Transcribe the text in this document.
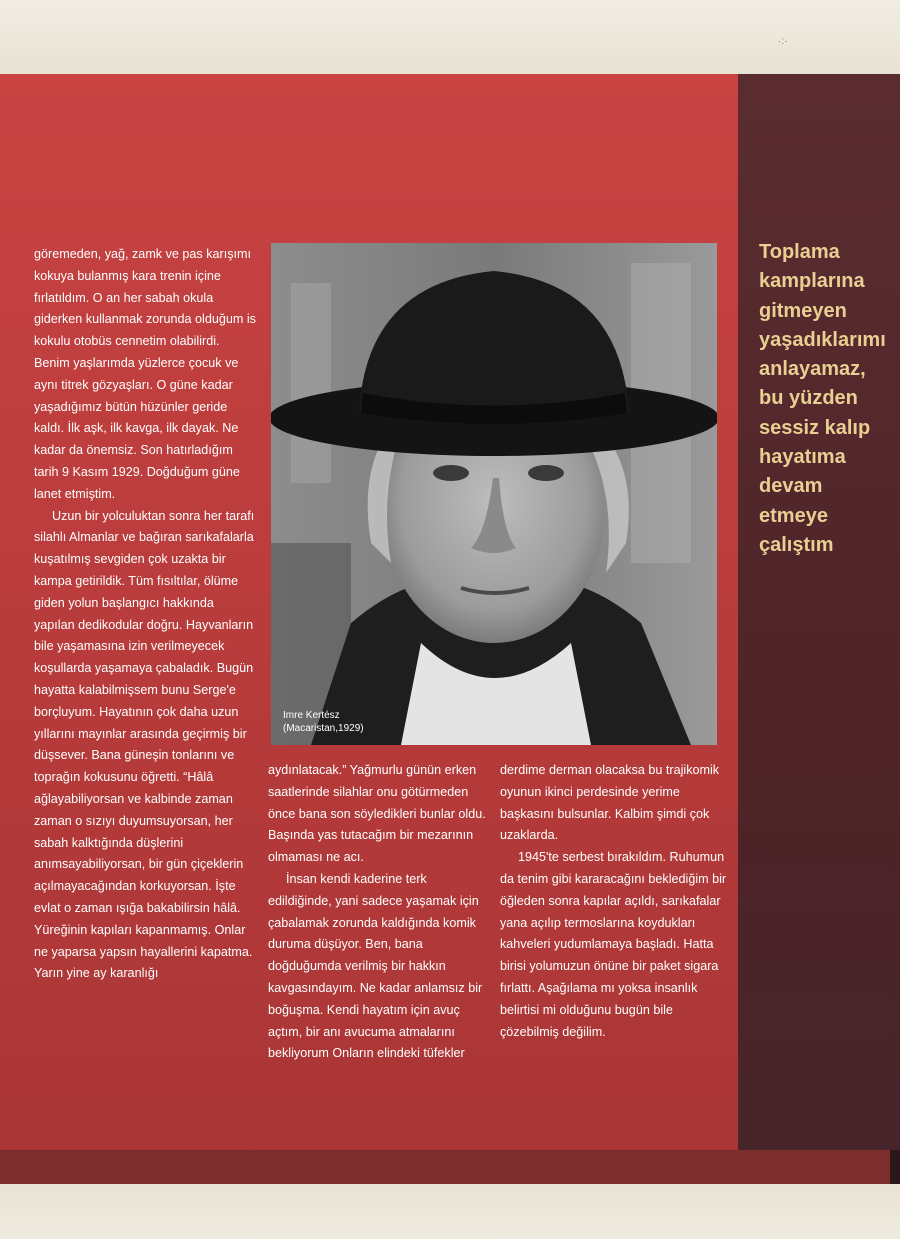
·:·

göremeden, yağ, zamk ve pas karışımı kokuya bulanmış kara trenin içine fırlatıldım. O an her sabah okula giderken kullanmak zorunda olduğum is kokulu otobüs cennetim olabilirdi. Benim yaşlarımda yüzlerce çocuk ve aynı titrek gözyaşları. O güne kadar yaşadığımız bütün hüzünler geride kaldı. İlk aşk, ilk kavga, ilk dayak. Ne kadar da önemsiz. Son hatırladığım tarih 9 Kasım 1929. Doğduğum güne lanet etmiştim.

Uzun bir yolculuktan sonra her tarafı silahlı Almanlar ve bağıran sarıkafalarla kuşatılmış sevgiden çok uzakta bir kampa getirildik. Tüm fısıltılar, ölüme giden yolun başlangıcı hakkında yapılan dedikodular doğru. Hayvanların bile yaşamasına izin verilmeyecek koşullarda yaşamaya çabaladık. Bugün hayatta kalabilmişsem bunu Serge'e borçluyum. Hayatının çok daha uzun yıllarını mayınlar arasında geçirmiş bir düşsever. Bana güneşin tonlarını ve toprağın kokusunu öğretti. “Hâlâ ağlayabiliyorsan ve kalbinde zaman zaman o sızıyı duyumsuyorsan, her sabah kalktığında düşlerini anımsayabiliyorsan, bir gün çiçeklerin açılmayacağından korkuyorsan. İşte evlat o zaman ışığa bakabilirsin hâlâ. Yüreğinin kapıları kapanmamış. Onlar ne yaparsa yapsın hayallerini kapatma. Yarın yine ay karanlığı

Imre Kertész
(Macaristan,1929)

aydınlatacak.” Yağmurlu günün erken saatlerinde silahlar onu götürmeden önce bana son söyledikleri bunlar oldu. Başında yas tutacağım bir mezarının olmaması ne acı.

İnsan kendi kaderine terk edildiğinde, yani sadece yaşamak için çabalamak zorunda kaldığında komik duruma düşüyor. Ben, bana doğduğumda verilmiş bir hakkın kavgasındayım. Ne kadar anlamsız bir boğuşma. Kendi hayatım için avuç açtım, bir anı avucuma atmalarını bekliyorum Onların elindeki tüfekler

derdime derman olacaksa bu trajikomik oyunun ikinci perdesinde yerime başkasını bulsunlar. Kalbim şimdi çok uzaklarda.

1945'te serbest bırakıldım. Ruhumun da tenim gibi kararacağını beklediğim bir öğleden sonra kapılar açıldı, sarıkafalar yana açılıp termoslarına koydukları kahveleri yudumlamaya başladı. Hatta birisi yolumuzun önüne bir paket sigara fırlattı. Aşağılama mı yoksa insanlık belirtisi mi olduğunu bugün bile çözebilmiş değilim.

Toplama
kamplarına
gitmeyen
yaşadıklarımı
anlayamaz,
bu yüzden
sessiz kalıp
hayatıma
devam
etmeye
çalıştım
